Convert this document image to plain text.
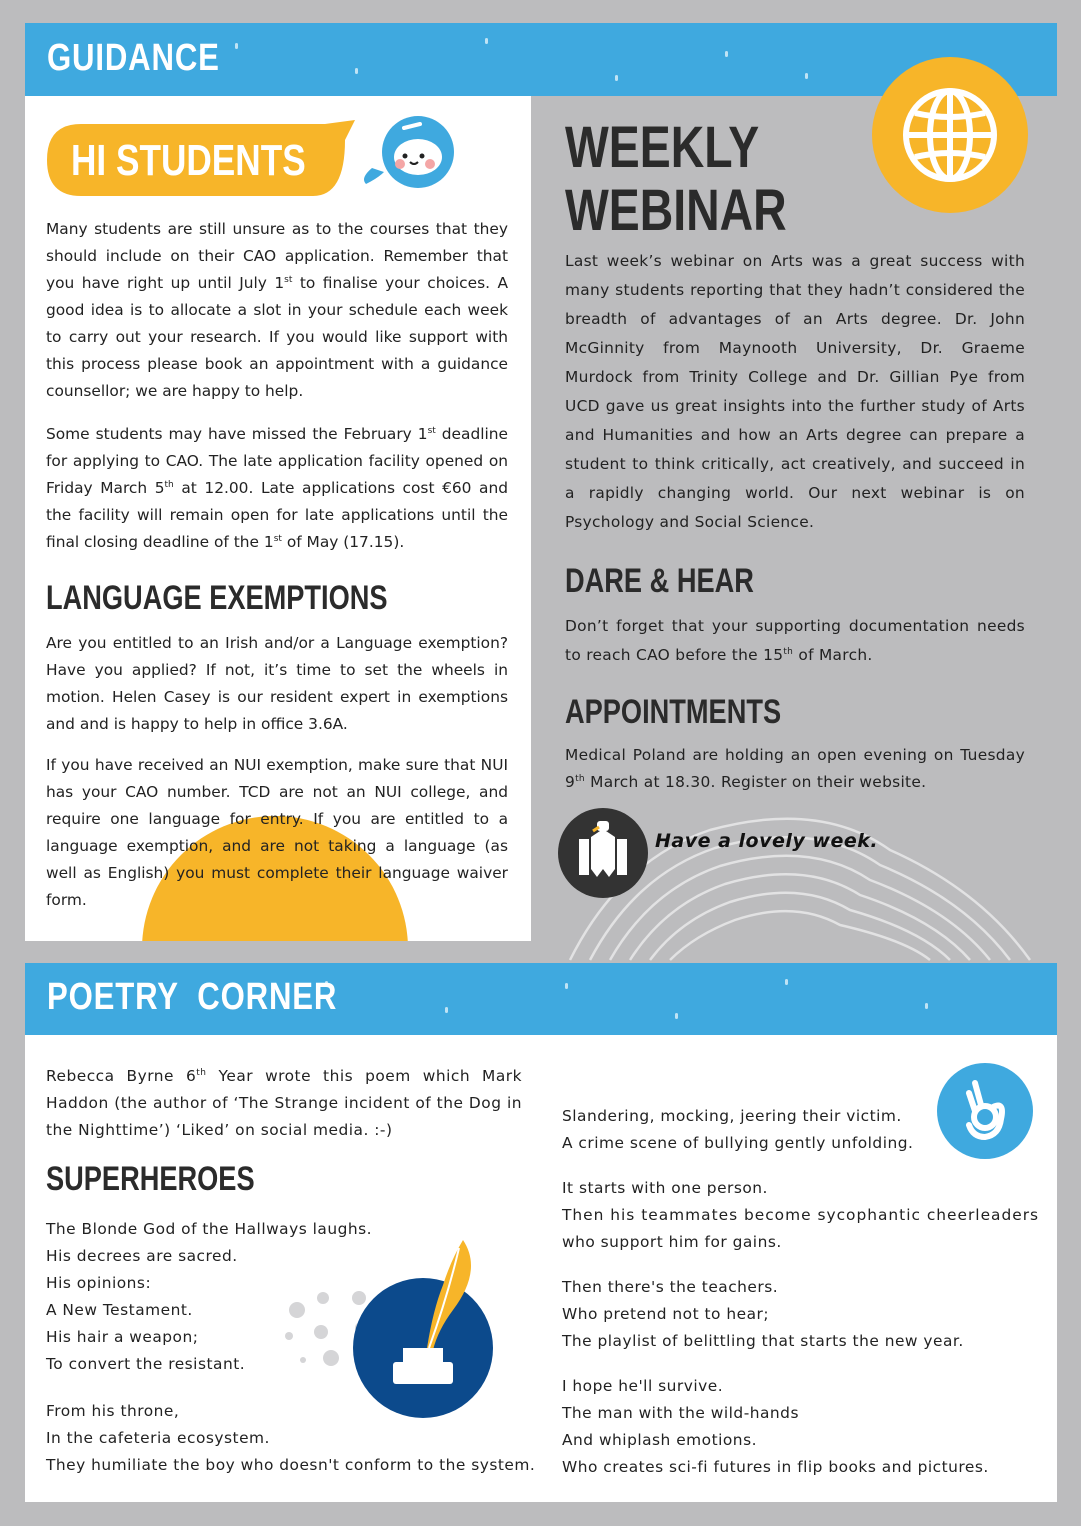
GUIDANCE
HI STUDENTS

Many students are still unsure as to the courses that they should include on their CAO application. Remember that you have right up until July 1st to finalise your choices. A good idea is to allocate a slot in your schedule each week to carry out your research. If you would like support with this process please book an appointment with a guidance counsellor; we are happy to help.

Some students may have missed the February 1st deadline for applying to CAO. The late application facility opened on Friday March 5th at 12.00. Late applications cost €60 and the facility will remain open for late applications until the final closing deadline of the 1st of May (17.15).

LANGUAGE EXEMPTIONS

Are you entitled to an Irish and/or a Language exemption? Have you applied? If not, it’s time to set the wheels in motion. Helen Casey is our resident expert in exemptions and and is happy to help in office 3.6A.

If you have received an NUI exemption, make sure that NUI has your CAO number. TCD are not an NUI college, and require one language for entry. If you are entitled to a language exemption, and are not taking a language (as well as English) you must complete their language waiver form.

WEEKLY
WEBINAR

Last week’s webinar on Arts was a great success with many students reporting that they hadn’t considered the breadth of advantages of an Arts degree. Dr. John McGinnity from Maynooth University, Dr. Graeme Murdock from Trinity College and Dr. Gillian Pye from UCD gave us great insights into the further study of Arts and Humanities and how an Arts degree can prepare a student to think critically, act creatively, and succeed in a rapidly changing world. Our next webinar is on Psychology and Social Science.

DARE & HEAR

Don’t forget that your supporting documentation needs to reach CAO before the 15th of March.

APPOINTMENTS

Medical Poland are holding an open evening on Tuesday 9th March at 18.30. Register on their website.

Have a lovely week.
POETRY  CORNER

Rebecca Byrne 6th Year wrote this poem which Mark Haddon (the author of ‘The Strange incident of the Dog in the Nighttime’) ‘Liked’ on social media. :-)

SUPERHEROES
The Blonde God of the Hallways laughs.
His decrees are sacred.
His opinions:
A New Testament.
His hair a weapon;
To convert the resistant.
From his throne,
In the cafeteria ecosystem.
They humiliate the boy who doesn't conform to the system.
Slandering, mocking, jeering their victim.
A crime scene of bullying gently unfolding.
It starts with one person.
Then his teammates become sycophantic cheerleaders
who support him for gains.
Then there's the teachers.
Who pretend not to hear;
The playlist of belittling that starts the new year.
I hope he'll survive.
The man with the wild-hands
And whiplash emotions.
Who creates sci-fi futures in flip books and pictures.
